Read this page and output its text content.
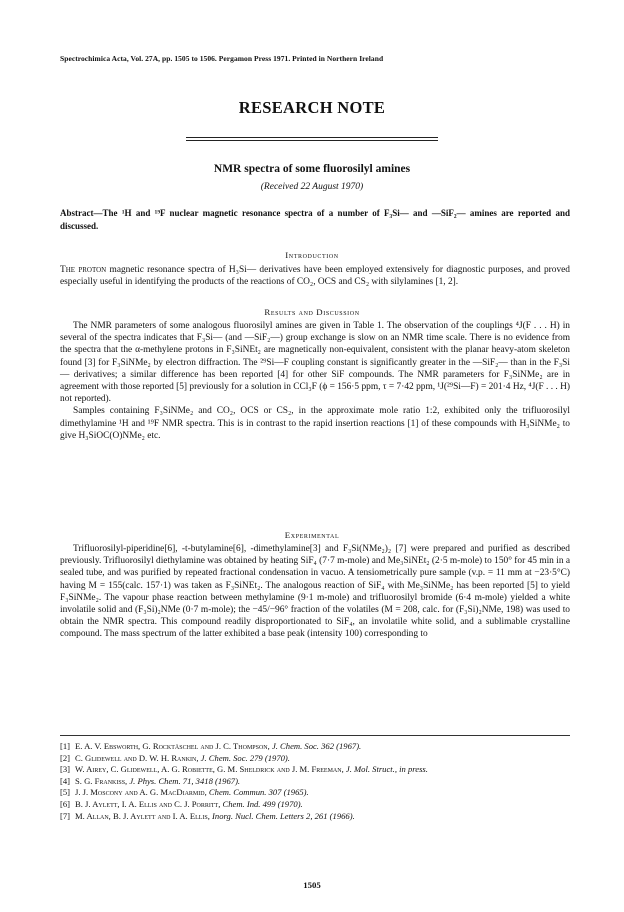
Spectrochimica Acta, Vol. 27A, pp. 1505 to 1506. Pergamon Press 1971. Printed in Northern Ireland
RESEARCH NOTE
NMR spectra of some fluorosilyl amines
(Received 22 August 1970)
Abstract—The ¹H and ¹⁹F nuclear magnetic resonance spectra of a number of F₃Si— and —SiF₂— amines are reported and discussed.
Introduction
The proton magnetic resonance spectra of H₃Si— derivatives have been employed extensively for diagnostic purposes, and proved especially useful in identifying the products of the reactions of CO₂, OCS and CS₂ with silylamines [1, 2].
Results and Discussion
The NMR parameters of some analogous fluorosilyl amines are given in Table 1. The observation of the couplings ⁴J(F . . . H) in several of the spectra indicates that F₃Si— (and —SiF₂—) group exchange is slow on an NMR time scale. There is no evidence from the spectra that the α-methylene protons in F₃SiNEt₂ are magnetically non-equivalent, consistent with the planar heavy-atom skeleton found [3] for F₃SiNMe₂ by electron diffraction. The ²⁹Si—F coupling constant is significantly greater in the —SiF₂— than in the F₃Si— derivatives; a similar difference has been reported [4] for other SiF compounds. The NMR parameters for F₃SiNMe₂ are in agreement with those reported [5] previously for a solution in CCl₃F (ϕ = 156·5 ppm, τ = 7·42 ppm, ¹J(²⁹Si—F) = 201·4 Hz, ⁴J(F . . . H) not reported).
Samples containing F₃SiNMe₂ and CO₂, OCS or CS₂, in the approximate mole ratio 1:2, exhibited only the trifluorosilyl dimethylamine ¹H and ¹⁹F NMR spectra. This is in contrast to the rapid insertion reactions [1] of these compounds with H₃SiNMe₂ to give H₃SiOC(O)NMe₂ etc.
Experimental
Trifluorosilyl-piperidine[6], -t-butylamine[6], -dimethylamine[3] and F₃Si(NMe₂)₂ [7] were prepared and purified as described previously. Trifluorosilyl diethylamine was obtained by heating SiF₄ (7·7 m-mole) and Me₃SiNEt₂ (2·5 m-mole) to 150° for 45 min in a sealed tube, and was purified by repeated fractional condensation in vacuo. A tensiometrically pure sample (v.p. = 11 mm at −23·5°C) having M = 155(calc. 157·1) was taken as F₃SiNEt₂. The analogous reaction of SiF₄ with Me₃SiNMe₂ has been reported [5] to yield F₃SiNMe₂. The vapour phase reaction between methylamine (9·1 m-mole) and trifluorosilyl bromide (6·4 m-mole) yielded a white involatile solid and (F₃Si)₂NMe (0·7 m-mole); the −45/−96° fraction of the volatiles (M = 208, calc. for (F₃Si)₂NMe, 198) was used to obtain the NMR spectra. This compound readily disproportionated to SiF₄, an involatile white solid, and a sublimable crystalline compound. The mass spectrum of the latter exhibited a base peak (intensity 100) corresponding to
[1] E. A. V. Ebsworth, G. Rocktäschel and J. C. Thompson, J. Chem. Soc. 362 (1967).
[2] C. Glidewell and D. W. H. Rankin, J. Chem. Soc. 279 (1970).
[3] W. Airey, C. Glidewell, A. G. Robiette, G. M. Sheldrick and J. M. Freeman, J. Mol. Struct., in press.
[4] S. G. Frankiss, J. Phys. Chem. 71, 3418 (1967).
[5] J. J. Moscony and A. G. MacDiarmid, Chem. Commun. 307 (1965).
[6] B. J. Aylett, I. A. Ellis and C. J. Porritt, Chem. Ind. 499 (1970).
[7] M. Allan, B. J. Aylett and I. A. Ellis, Inorg. Nucl. Chem. Letters 2, 261 (1966).
1505
